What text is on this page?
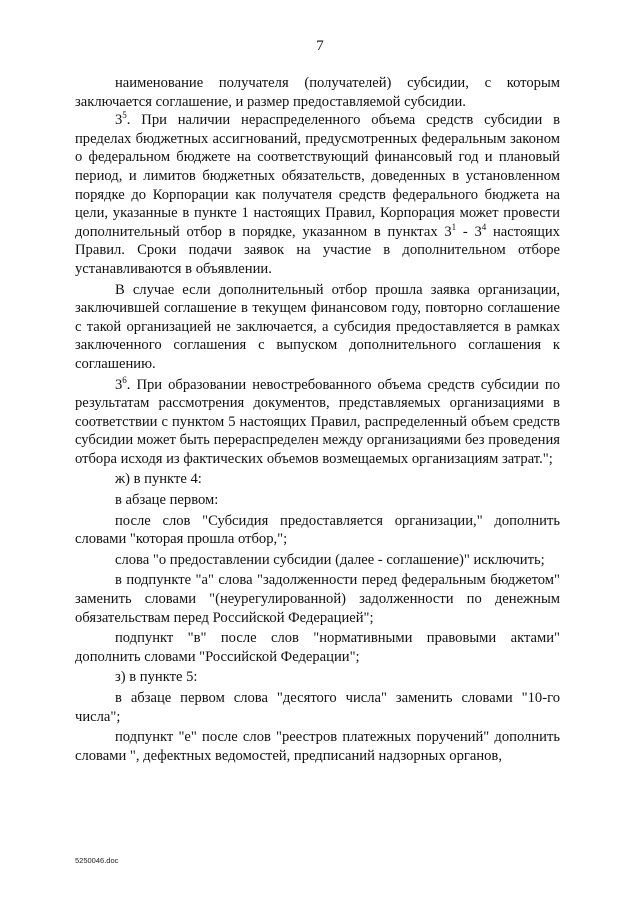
7

наименование получателя (получателей) субсидии, с которым заключается соглашение, и размер предоставляемой субсидии.

$3^5$. При наличии нераспределенного объема средств субсидии в пределах бюджетных ассигнований, предусмотренных федеральным законом о федеральном бюджете на соответствующий финансовый год и плановый период, и лимитов бюджетных обязательств, доведенных в установленном порядке до Корпорации как получателя средств федерального бюджета на цели, указанные в пункте 1 настоящих Правил, Корпорация может провести дополнительный отбор в порядке, указанном в пунктах $3^1 - 3^4$ настоящих Правил. Сроки подачи заявок на участие в дополнительном отборе устанавливаются в объявлении.

В случае если дополнительный отбор прошла заявка организации, заключившей соглашение в текущем финансовом году, повторно соглашение с такой организацией не заключается, а субсидия предоставляется в рамках заключенного соглашения с выпуском дополнительного соглашения к соглашению.

$3^6$. При образовании невостребованного объема средств субсидии по результатам рассмотрения документов, представляемых организациями в соответствии с пунктом 5 настоящих Правил, распределенный объем средств субсидии может быть перераспределен между организациями без проведения отбора исходя из фактических объемов возмещаемых организациям затрат.";

ж) в пункте 4:

в абзаце первом:

после слов "Субсидия предоставляется организации," дополнить словами "которая прошла отбор,";

слова "о предоставлении субсидии (далее - соглашение)" исключить;

в подпункте "а" слова "задолженности перед федеральным бюджетом" заменить словами "(неурегулированной) задолженности по денежным обязательствам перед Российской Федерацией";

подпункт "в" после слов "нормативными правовыми актами" дополнить словами "Российской Федерации";

з) в пункте 5:

в абзаце первом слова "десятого числа" заменить словами "10-го числа";

подпункт "е" после слов "реестров платежных поручений" дополнить словами ", дефектных ведомостей, предписаний надзорных органов,

5250046.doc
